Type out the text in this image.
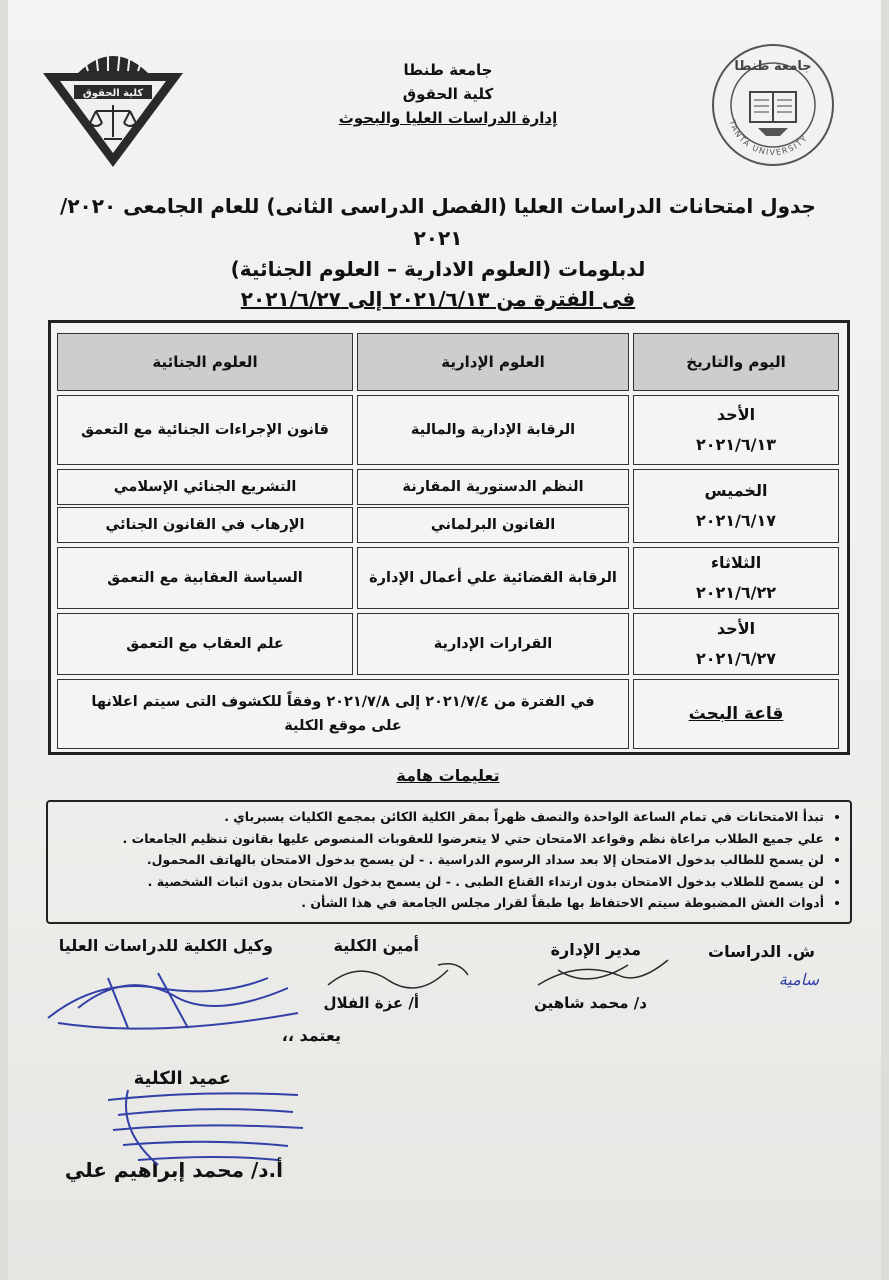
كلية الحقوق
جامعة طنطا
TANTA UNIVERSITY
جامعة طنطا
كلية الحقوق
إدارة الدراسات العليا والبحوث
جدول امتحانات الدراسات العليا (الفصل الدراسى الثانى) للعام الجامعى ٢٠٢٠/ ٢٠٢١
لدبلومات (العلوم الادارية – العلوم الجنائية)
فى الفترة من ٢٠٢١/٦/١٣ إلى ٢٠٢١/٦/٢٧
اليوم والتاريخ
العلوم الإدارية
العلوم الجنائية
الأحد
٢٠٢١/٦/١٣
الرقابة الإدارية والمالية
قانون الإجراءات الجنائية مع التعمق
الخميس
٢٠٢١/٦/١٧
النظم الدستورية المقارنة
القانون البرلماني
التشريع الجنائي الإسلامي
الإرهاب في القانون الجنائي
الثلاثاء
٢٠٢١/٦/٢٢
الرقابة القضائية علي أعمال الإدارة
السياسة العقابية مع التعمق
الأحد
٢٠٢١/٦/٢٧
القرارات الإدارية
علم العقاب مع التعمق
قاعة البحث
في الفترة من ٢٠٢١/٧/٤ إلى ٢٠٢١/٧/٨ وفقاً للكشوف التى سيتم اعلانها
على موقع الكلية
تعليمات هامة
• تبدأ الامتحانات في تمام الساعة الواحدة والنصف ظهراً بمقر الكلية الكائن بمجمع الكليات بسبرباي .
• علي جميع الطلاب مراعاة نظم وقواعد الامتحان حتي لا يتعرضوا للعقوبات المنصوص عليها بقانون تنظيم الجامعات .
• لن يسمح للطالب بدخول الامتحان إلا بعد سداد الرسوم الدراسية . - لن يسمح بدخول الامتحان بالهاتف المحمول.
• لن يسمح للطلاب بدخول الامتحان بدون ارتداء القناع الطبى . - لن يسمح بدخول الامتحان بدون اثبات الشخصية .
• أدوات الغش المضبوطة سيتم الاحتفاظ بها طبقاً لقرار مجلس الجامعة في هذا الشأن .
ش. الدراسات
مدير الإدارة
أمين الكلية
وكيل الكلية للدراسات العليا
سامية
د/ محمد شاهين
أ/ عزة الفلال
يعتمد ،،
عميد الكلية
أ.د/ محمد إبراهيم علي
